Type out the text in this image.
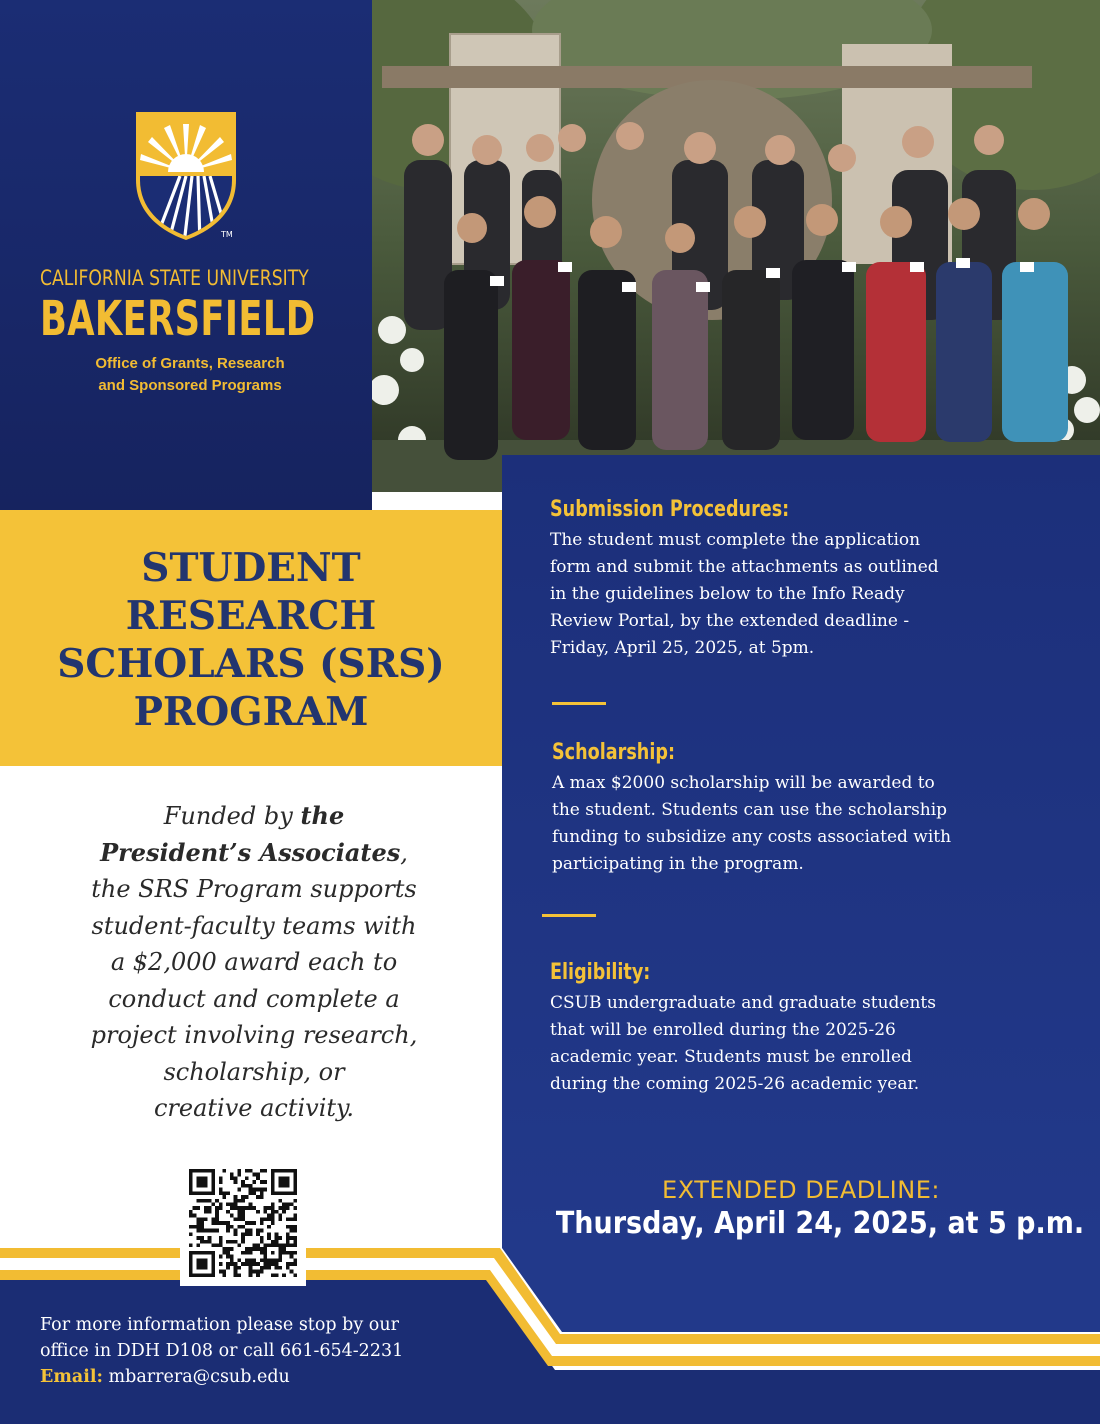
TM
CALIFORNIA STATE UNIVERSITY
BAKERSFIELD
Office of Grants, Research
and Sponsored Programs
STUDENT
RESEARCH
SCHOLARS (SRS)
PROGRAM
Funded by the
President’s Associates,
the SRS Program supports
student-faculty teams with
a $2,000 award each to
conduct and complete a
project involving research,
scholarship, or
creative activity.
Submission Procedures:
The student must complete the application
form and submit the attachments as outlined
in the guidelines below to the Info Ready
Review Portal, by the extended deadline -
Friday, April 25, 2025, at 5pm.
Scholarship:
A max $2000 scholarship will be awarded to
the student. Students can use the scholarship
funding to subsidize any costs associated with
participating in the program.
Eligibility:
CSUB undergraduate and graduate students
that will be enrolled during the 2025-26
academic year. Students must be enrolled
during the coming 2025-26 academic year.
EXTENDED DEADLINE:
Thursday, April 24, 2025, at 5 p.m.
For more information please stop by our
office in DDH D108 or call 661-654-2231
Email: mbarrera@csub.edu
